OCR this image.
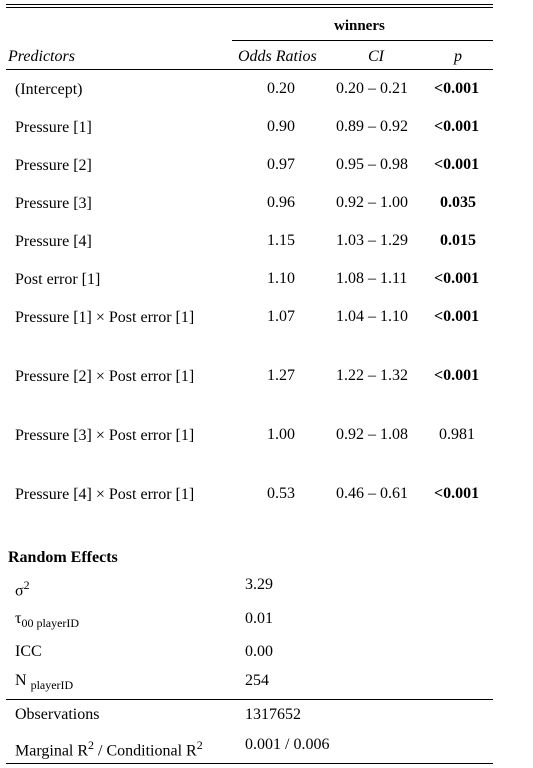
winners
Predictors	Odds Ratios	CI	p
(Intercept)	0.20	0.20 – 0.21 <0.001
Pressure [1]	0.90	0.89 – 0.92 <0.001
Pressure [2]	0.97	0.95 – 0.98 <0.001
Pressure [3]	0.96	0.92 – 1.00 0.035
Pressure [4]	1.15	1.03 – 1.29 0.015
Post error [1]	1.10	1.08 – 1.11 <0.001
Pressure [1] × Post error [1]	1.07	1.04 – 1.10 <0.001
Pressure [2] × Post error [1]	1.27	1.22 – 1.32 <0.001
Pressure [3] × Post error [1]	1.00	0.92 – 1.08 0.981
Pressure [4] × Post error [1]	0.53	0.46 – 0.61 <0.001
Random Effects
$\sigma^2$	3.29
$\tau_{00 playerID}$	0.01
ICC	0.00
N $_{playerID}$	254
Observations	1317652
Marginal $R^2$ / Conditional $R^2$	0.001 / 0.006
